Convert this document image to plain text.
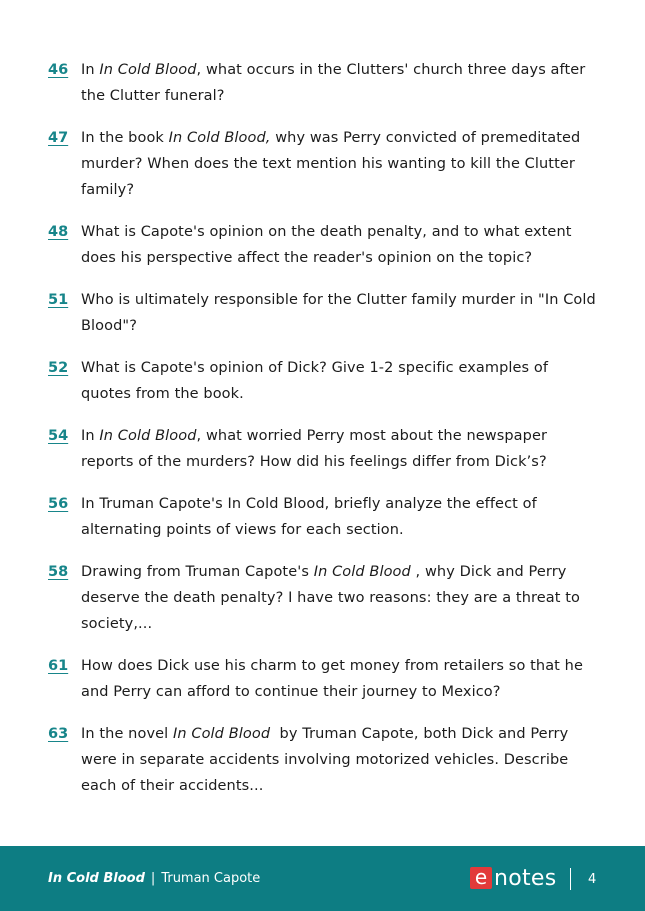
46 In In Cold Blood, what occurs in the Clutters' church three days after the Clutter funeral?
47 In the book In Cold Blood, why was Perry convicted of premeditated murder? When does the text mention his wanting to kill the Clutter family?
48 What is Capote's opinion on the death penalty, and to what extent does his perspective affect the reader's opinion on the topic?
51 Who is ultimately responsible for the Clutter family murder in "In Cold Blood"?
52 What is Capote's opinion of Dick? Give 1-2 specific examples of quotes from the book.
54 In In Cold Blood, what worried Perry most about the newspaper reports of the murders? How did his feelings differ from Dick’s?
56 In Truman Capote's In Cold Blood, briefly analyze the effect of alternating points of views for each section.
58 Drawing from Truman Capote's In Cold Blood , why Dick and Perry deserve the death penalty? I have two reasons: they are a threat to society,...
61 How does Dick use his charm to get money from retailers so that he and Perry can afford to continue their journey to Mexico?
63 In the novel In Cold Blood  by Truman Capote, both Dick and Perry were in separate accidents involving motorized vehicles. Describe each of their accidents...
In Cold Blood | Truman Capote	e notes 4
